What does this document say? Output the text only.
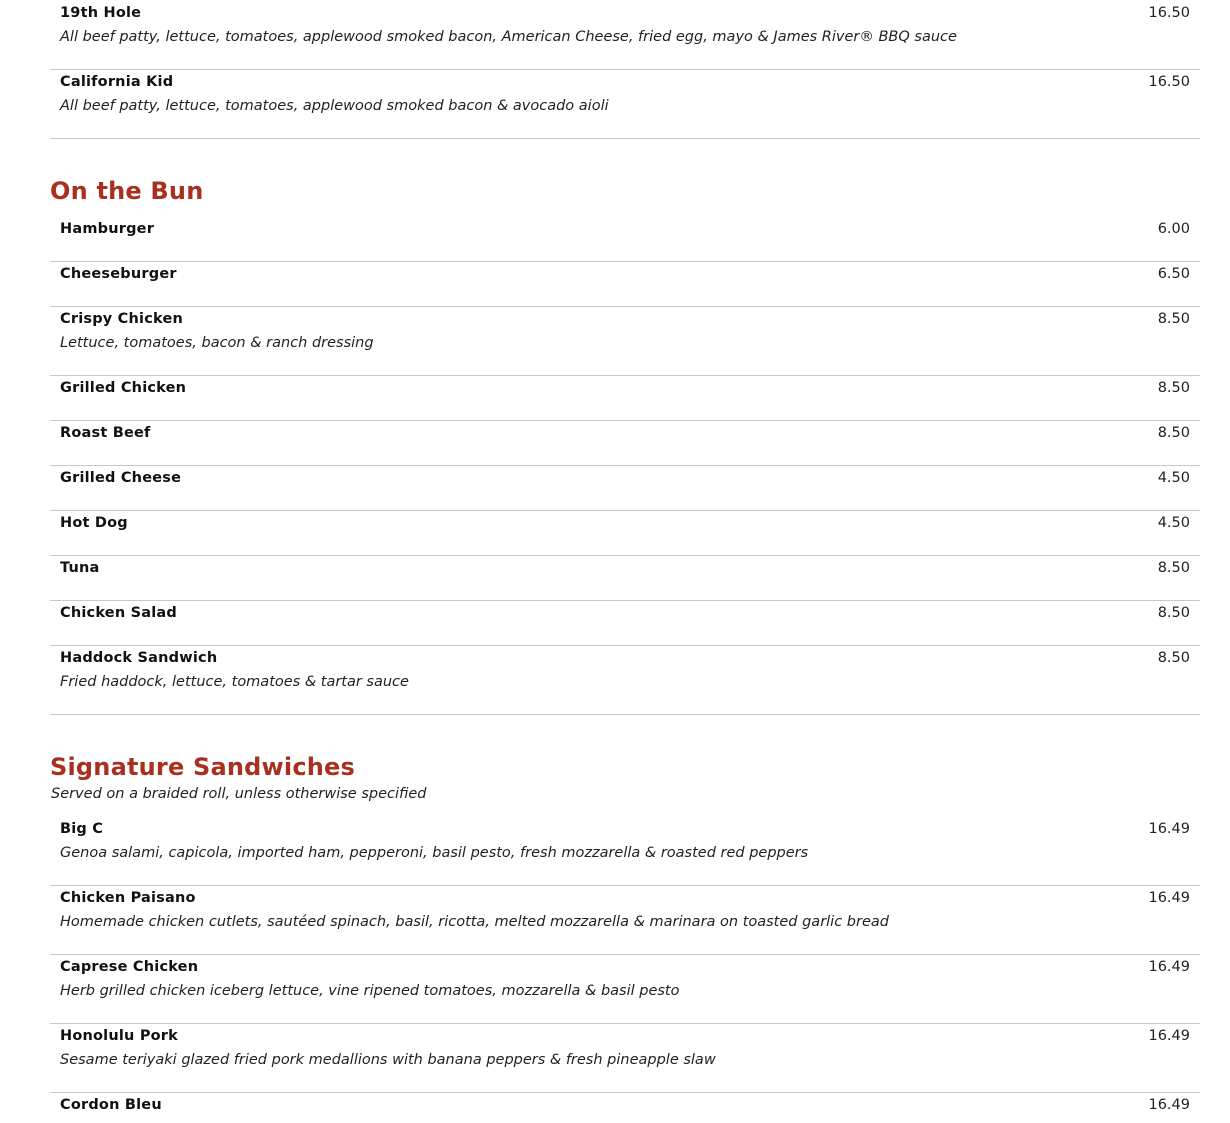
19th Hole	16.50
All beef patty, lettuce, tomatoes, applewood smoked bacon, American Cheese, fried egg, mayo & James River® BBQ sauce
California Kid	16.50
All beef patty, lettuce, tomatoes, applewood smoked bacon & avocado aioli
On the Bun
Hamburger	6.00
Cheeseburger	6.50
Crispy Chicken	8.50
Lettuce, tomatoes, bacon & ranch dressing
Grilled Chicken	8.50
Roast Beef	8.50
Grilled Cheese	4.50
Hot Dog	4.50
Tuna	8.50
Chicken Salad	8.50
Haddock Sandwich	8.50
Fried haddock, lettuce, tomatoes & tartar sauce
Signature Sandwiches
Served on a braided roll, unless otherwise specified
Big C	16.49
Genoa salami, capicola, imported ham, pepperoni, basil pesto, fresh mozzarella & roasted red peppers
Chicken Paisano	16.49
Homemade chicken cutlets, sautéed spinach, basil, ricotta, melted mozzarella & marinara on toasted garlic bread
Caprese Chicken	16.49
Herb grilled chicken iceberg lettuce, vine ripened tomatoes, mozzarella & basil pesto
Honolulu Pork	16.49
Sesame teriyaki glazed fried pork medallions with banana peppers & fresh pineapple slaw
Cordon Bleu	16.49
